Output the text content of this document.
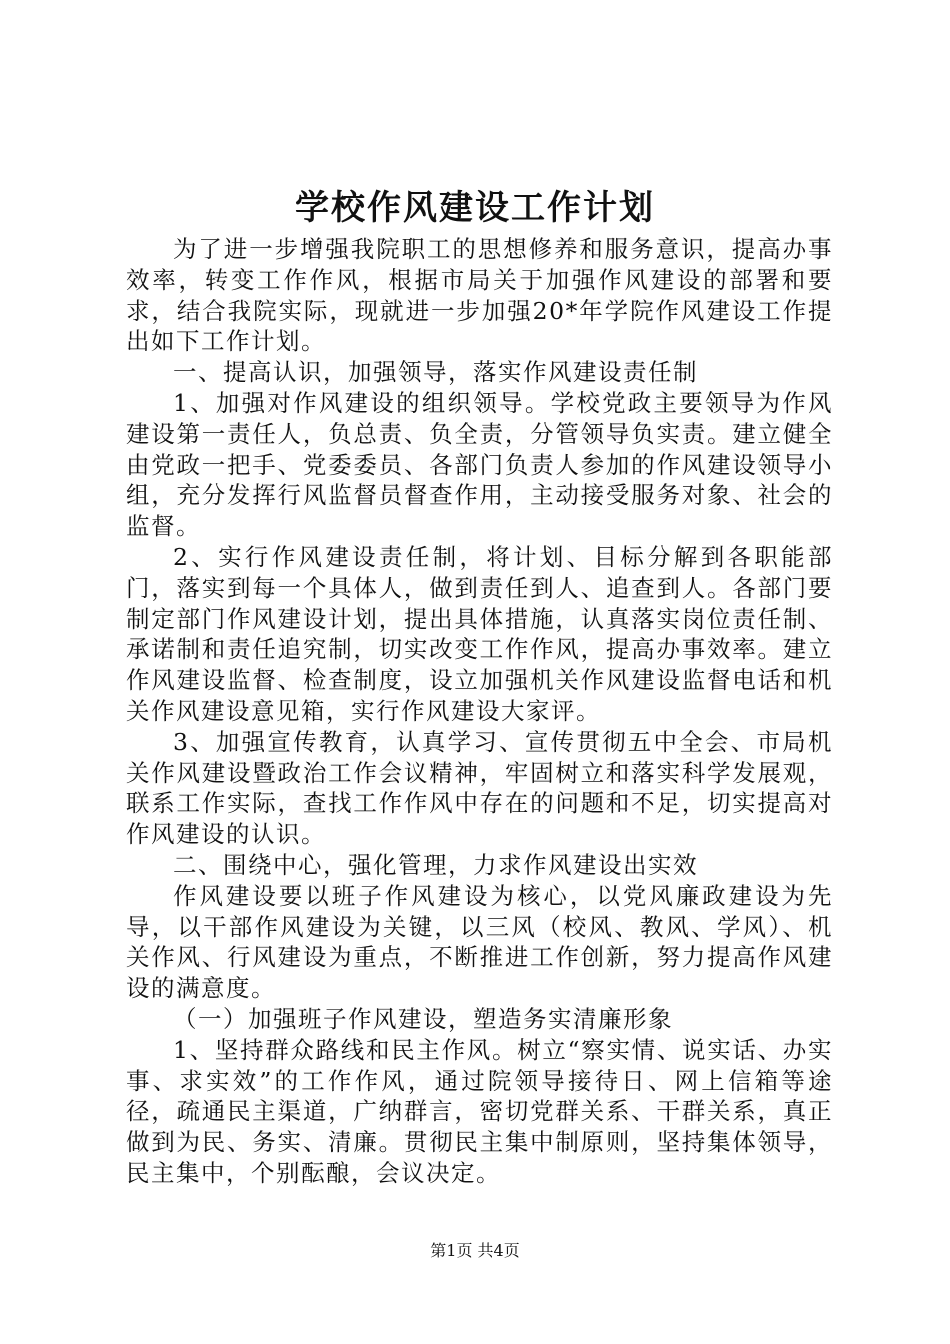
学校作风建设工作计划

为了进一步增强我院职工的思想修养和服务意识，提高办事效率，转变工作作风，根据市局关于加强作风建设的部署和要求，结合我院实际，现就进一步加强20*年学院作风建设工作提出如下工作计划。

一、提高认识，加强领导，落实作风建设责任制

1、加强对作风建设的组织领导。学校党政主要领导为作风建设第一责任人，负总责、负全责，分管领导负实责。建立健全由党政一把手、党委委员、各部门负责人参加的作风建设领导小组，充分发挥行风监督员督查作用，主动接受服务对象、社会的监督。

2、实行作风建设责任制，将计划、目标分解到各职能部门，落实到每一个具体人，做到责任到人、追查到人。各部门要制定部门作风建设计划，提出具体措施，认真落实岗位责任制、承诺制和责任追究制，切实改变工作作风，提高办事效率。建立作风建设监督、检查制度，设立加强机关作风建设监督电话和机关作风建设意见箱，实行作风建设大家评。

3、加强宣传教育，认真学习、宣传贯彻五中全会、市局机关作风建设暨政治工作会议精神，牢固树立和落实科学发展观，联系工作实际，查找工作作风中存在的问题和不足，切实提高对作风建设的认识。

二、围绕中心，强化管理，力求作风建设出实效

作风建设要以班子作风建设为核心，以党风廉政建设为先导，以干部作风建设为关键，以三风（校风、教风、学风）、机关作风、行风建设为重点，不断推进工作创新，努力提高作风建设的满意度。

（一）加强班子作风建设，塑造务实清廉形象

1、坚持群众路线和民主作风。树立“察实情、说实话、办实事、求实效”的工作作风，通过院领导接待日、网上信箱等途径，疏通民主渠道，广纳群言，密切党群关系、干群关系，真正做到为民、务实、清廉。贯彻民主集中制原则，坚持集体领导，民主集中，个别酝酿，会议决定。

第1页 共4页
